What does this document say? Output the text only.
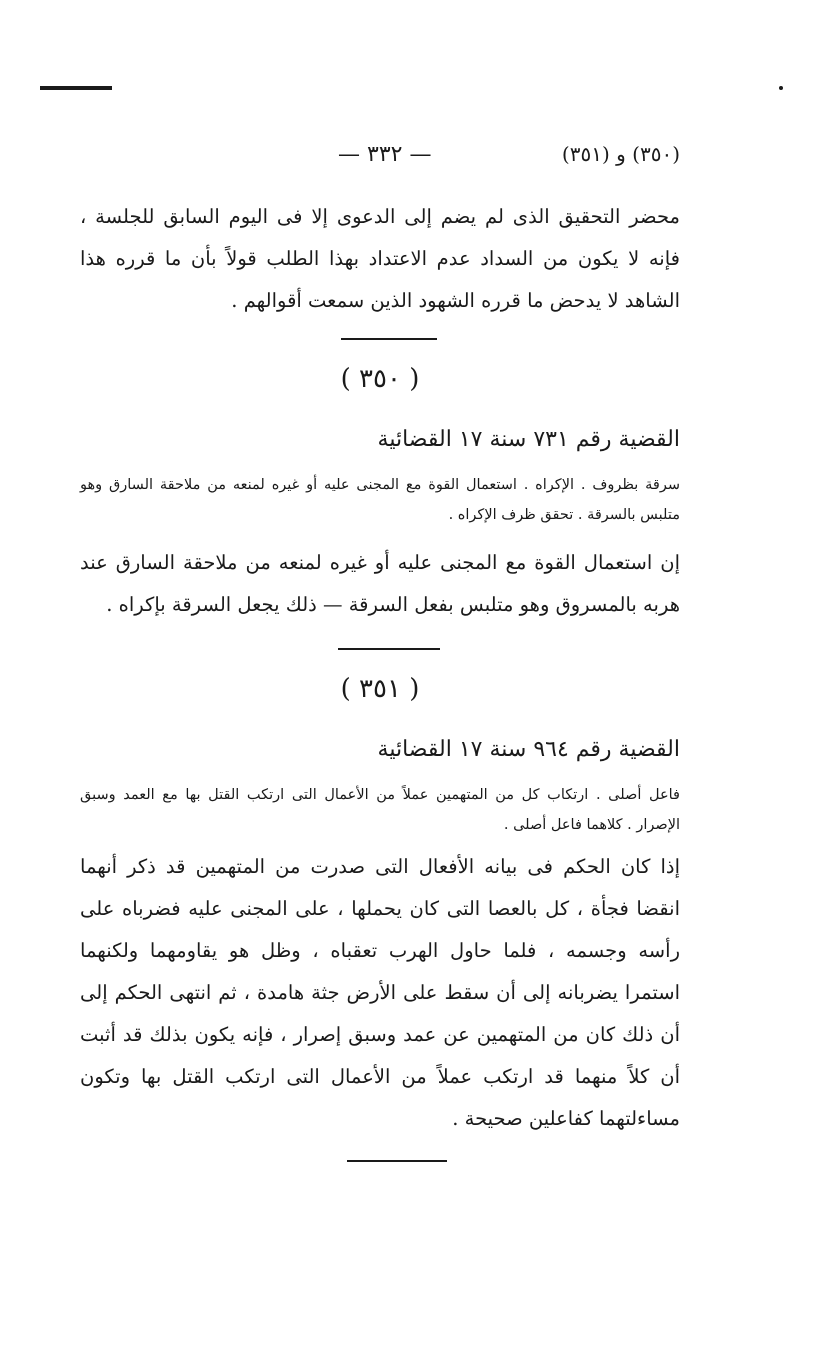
— ٣٣٢ —	(٣٥٠) و (٣٥١)
محضر التحقيق الذى لم يضم إلى الدعوى إلا فى اليوم السابق للجلسة ، فإنه لا يكون من السداد عدم الاعتداد بهذا الطلب قولاً بأن ما قرره هذا الشاهد لا يدحض ما قرره الشهود الذين سمعت أقوالهم .
( ٣٥٠ )
القضية رقم ٧٣١ سنة ١٧ القضائية
سرقة بظروف . الإكراه . استعمال القوة مع المجنى عليه أو غيره لمنعه من ملاحقة السارق وهو متلبس بالسرقة . تحقق ظرف الإكراه .
إن استعمال القوة مع المجنى عليه أو غيره لمنعه من ملاحقة السارق عند هربه بالمسروق وهو متلبس بفعل السرقة — ذلك يجعل السرقة بإكراه .
( ٣٥١ )
القضية رقم ٩٦٤ سنة ١٧ القضائية
فاعل أصلى . ارتكاب كل من المتهمين عملاً من الأعمال التى ارتكب القتل بها مع العمد وسبق الإصرار . كلاهما فاعل أصلى .
إذا كان الحكم فى بيانه الأفعال التى صدرت من المتهمين قد ذكر أنهما انقضا فجأة ، كل بالعصا التى كان يحملها ، على المجنى عليه فضرباه على رأسه وجسمه ، فلما حاول الهرب تعقباه ، وظل هو يقاومهما ولكنهما استمرا يضربانه إلى أن سقط على الأرض جثة هامدة ، ثم انتهى الحكم إلى أن ذلك كان من المتهمين عن عمد وسبق إصرار ، فإنه يكون بذلك قد أثبت أن كلاً منهما قد ارتكب عملاً من الأعمال التى ارتكب القتل بها وتكون مساءلتهما كفاعلين صحيحة .
